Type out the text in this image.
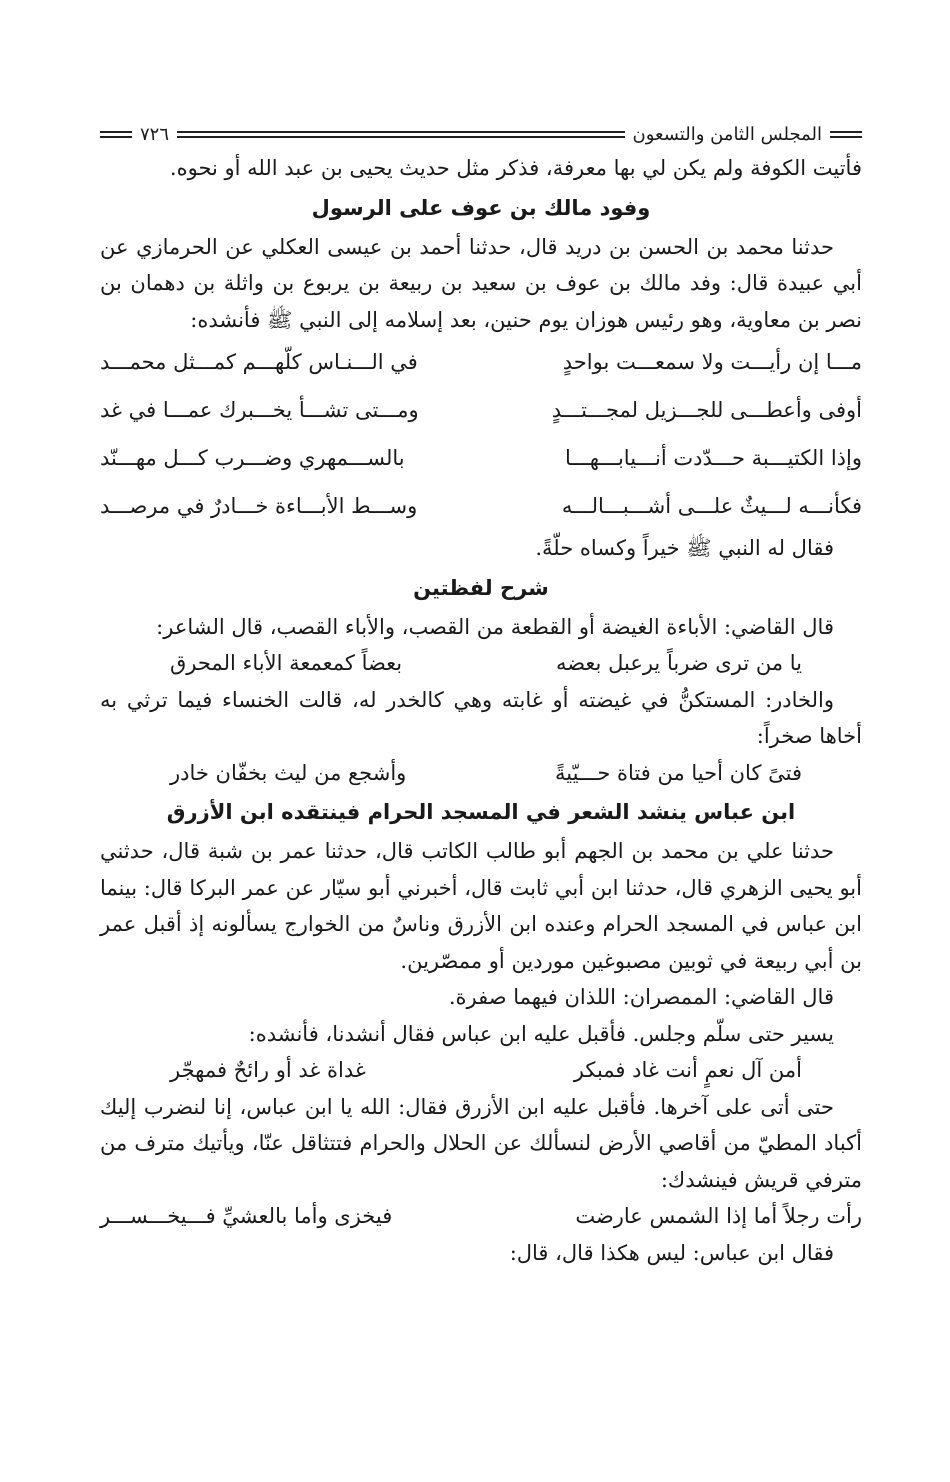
المجلس الثامن والتسعون
٧٢٦

فأتيت الكوفة ولم يكن لي بها معرفة، فذكر مثل حديث يحيى بن عبد الله أو نحوه.

وفود مالك بن عوف على الرسول

حدثنا محمد بن الحسن بن دريد قال، حدثنا أحمد بن عيسى العكلي عن الحرمازي عن أبي عبيدة قال: وفد مالك بن عوف بن سعيد بن ربيعة بن يربوع بن واثلة بن دهمان بن نصر بن معاوية، وهو رئيس هوزان يوم حنين، بعد إسلامه إلى النبي ﷺ فأنشده:

مـــا إن رأيـــت ولا سمعـــت بواحدٍ
في الـــنـاس كلّهـــم كمـــثل محمـــد
أوفى وأعطـــى للجـــزيل لمجـــتـــدٍ
ومـــتى تشـــأ يخـــبرك عمـــا في غد
وإذا الكتيـــبة حـــدّدت أنـــيابـــهـــا
بالســـمهري وضـــرب كـــل مهـــنّد
فكأنـــه لـــيثٌ علـــى أشـــبـــالـــه
وســـط الأبـــاءة خـــادرٌ في مرصـــد

فقال له النبي ﷺ خيراً وكساه حلّةً.

شرح لفظتين

قال القاضي: الأباءة الغيضة أو القطعة من القصب، والأباء القصب، قال الشاعر:

يا من ترى ضرباً يرعبل بعضه
بعضاً كمعمعة الأباء المحرق

والخادر: المستكنُّ في غيضته أو غابته وهي كالخدر له، قالت الخنساء فيما ترثي به أخاها صخراً:

فتىً كان أحيا من فتاة حـــيّيةً
وأشجع من ليث بخفّان خادر
ابن عباس ينشد الشعر في المسجد الحرام فينتقده ابن الأزرق

حدثنا علي بن محمد بن الجهم أبو طالب الكاتب قال، حدثنا عمر بن شبة قال، حدثني أبو يحيى الزهري قال، حدثنا ابن أبي ثابت قال، أخبرني أبو سيّار عن عمر البركا قال: بينما ابن عباس في المسجد الحرام وعنده ابن الأزرق وناسٌ من الخوارج يسألونه إذ أقبل عمر بن أبي ربيعة في ثوبين مصبوغين موردين أو ممصّرين.

قال القاضي: الممصران: اللذان فيهما صفرة.

يسير حتى سلّم وجلس. فأقبل عليه ابن عباس فقال أنشدنا، فأنشده:

أمن آل نعمٍ أنت غاد فمبكر
غداة غد أو رائحٌ فمهجّر

حتى أتى على آخرها. فأقبل عليه ابن الأزرق فقال: الله يا ابن عباس، إنا لنضرب إليك أكباد المطيّ من أقاصي الأرض لنسألك عن الحلال والحرام فتتثاقل عنّا، ويأتيك مترف من مترفي قريش فينشدك:

رأت رجلاً أما إذا الشمس عارضت
فيخزى وأما بالعشيِّ فـــيخـــســـر

فقال ابن عباس: ليس هكذا قال، قال:
